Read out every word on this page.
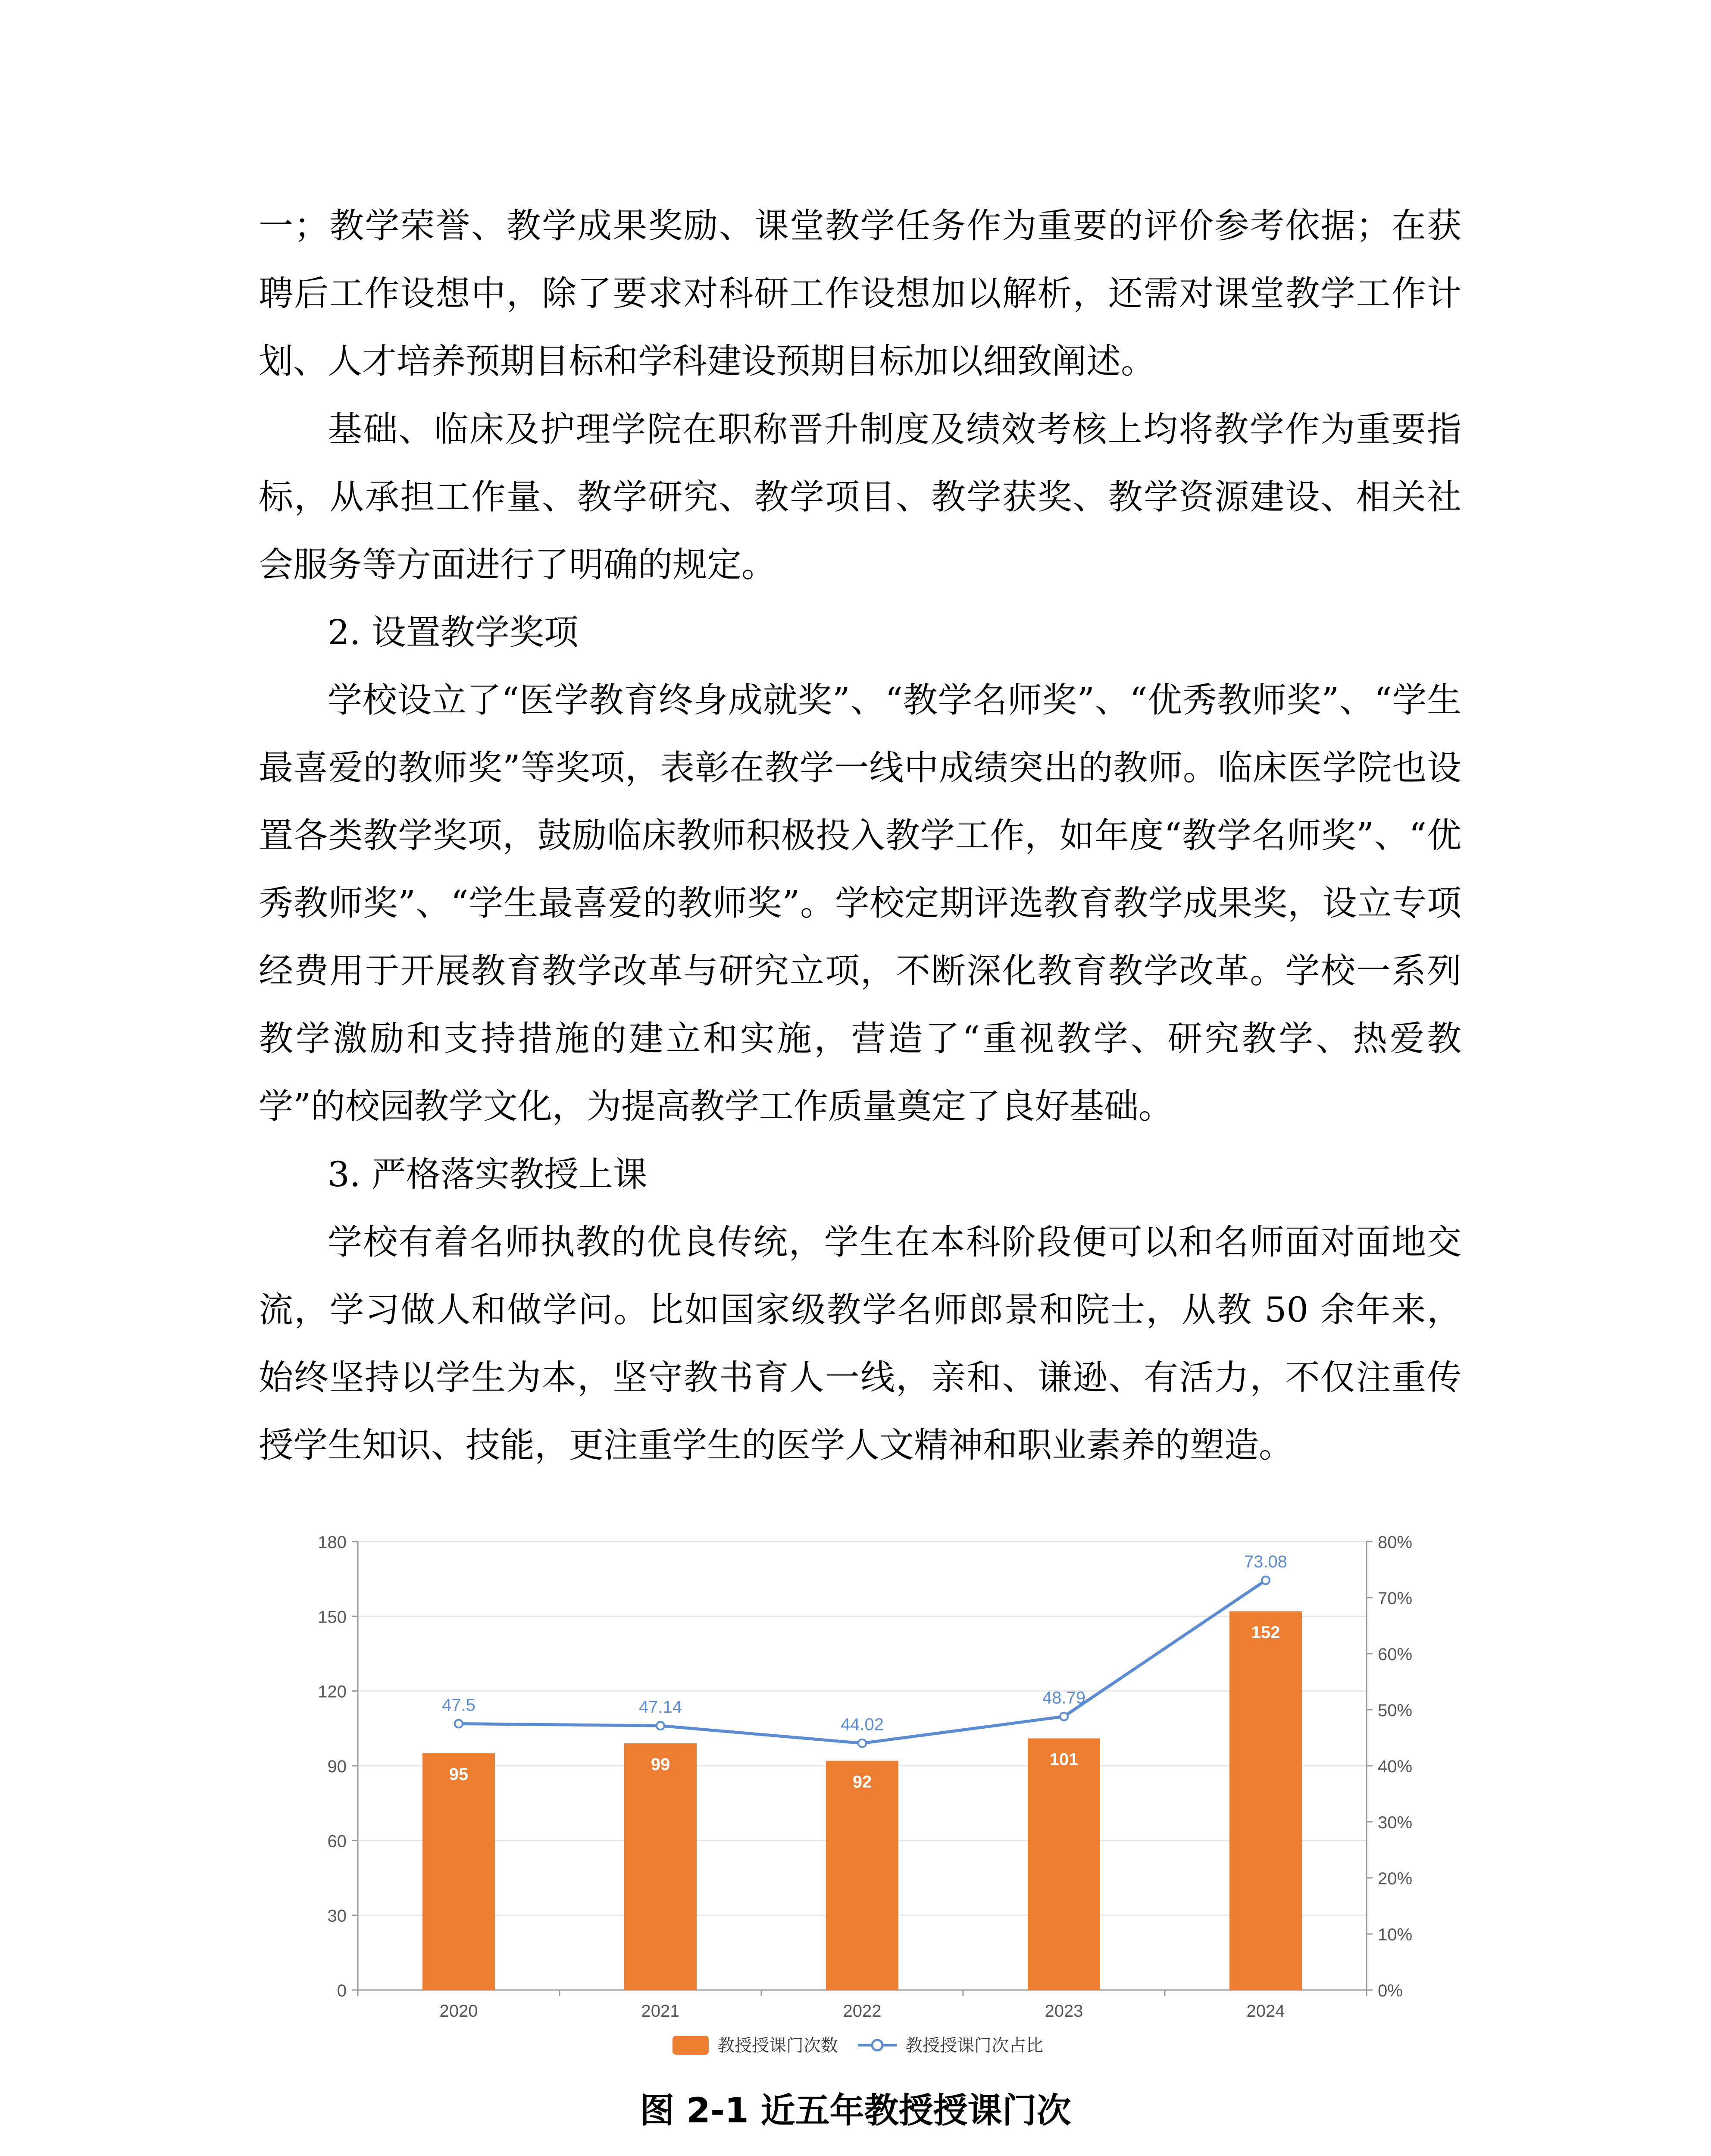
一；教学荣誉、教学成果奖励、课堂教学任务作为重要的评价参考依据；在获聘后工作设想中，除了要求对科研工作设想加以解析，还需对课堂教学工作计划、人才培养预期目标和学科建设预期目标加以细致阐述。

基础、临床及护理学院在职称晋升制度及绩效考核上均将教学作为重要指标，从承担工作量、教学研究、教学项目、教学获奖、教学资源建设、相关社会服务等方面进行了明确的规定。

2. 设置教学奖项

学校设立了“医学教育终身成就奖”、“教学名师奖”、“优秀教师奖”、“学生最喜爱的教师奖”等奖项，表彰在教学一线中成绩突出的教师。临床医学院也设置各类教学奖项，鼓励临床教师积极投入教学工作，如年度“教学名师奖”、“优秀教师奖”、“学生最喜爱的教师奖”。学校定期评选教育教学成果奖，设立专项经费用于开展教育教学改革与研究立项，不断深化教育教学改革。学校一系列教学激励和支持措施的建立和实施，营造了“重视教学、研究教学、热爱教学”的校园教学文化，为提高教学工作质量奠定了良好基础。

3. 严格落实教授上课

学校有着名师执教的优良传统，学生在本科阶段便可以和名师面对面地交流，学习做人和做学问。比如国家级教学名师郎景和院士，从教 50 余年来，始终坚持以学生为本，坚守教书育人一线，亲和、谦逊、有活力，不仅注重传授学生知识、技能，更注重学生的医学人文精神和职业素养的塑造。

0
30
60
90
120
150
180
0%
10%
20%
30%
40%
50%
60%
70%
80%
2020	2021	2022	2023	2024
95
99
92
101
152
47.5	47.14
44.02
48.79
73.08
教授授课门次数	教授授课门次占比
图 2-1 近五年教授授课门次
